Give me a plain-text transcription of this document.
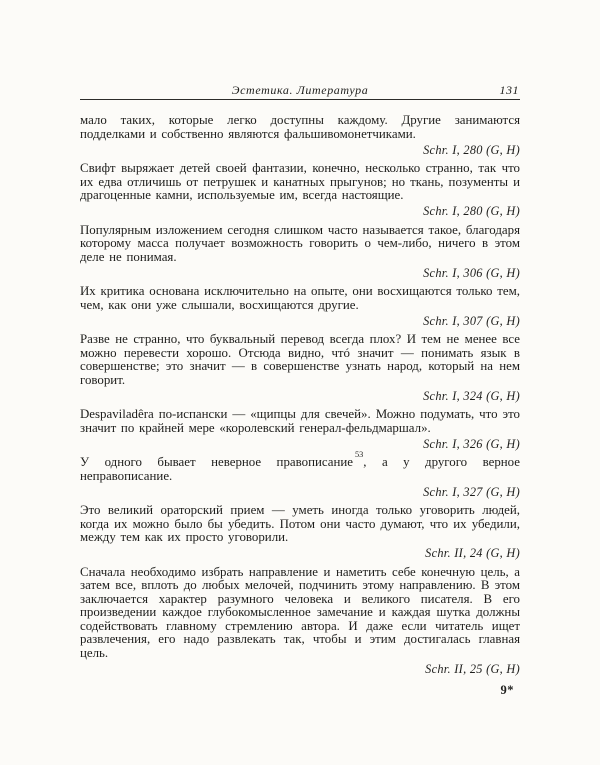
Эстетика. Литература	131

мало таких, которые легко доступны каждому. Другие занимаются подделками и собственно являются фальшивомонетчиками.

Schr. I, 280 (G, H)

Свифт выряжает детей своей фантазии, конечно, несколько странно, так что их едва отличишь от петрушек и канатных прыгунов; но ткань, позументы и драгоценные камни, используемые им, всегда настоящие.

Schr. I, 280 (G, H)

Популярным изложением сегодня слишком часто называется такое, благодаря которому масса получает возможность говорить о чем-либо, ничего в этом деле не понимая.

Schr. I, 306 (G, H)

Их критика основана исключительно на опыте, они восхищаются только тем, чем, как они уже слышали, восхищаются другие.

Schr. I, 307 (G, H)

Разве не странно, что буквальный перевод всегда плох? И тем не менее все можно перевести хорошо. Отсюда видно, чтó значит — понимать язык в совершенстве; это значит — в совершенстве узнать народ, который на нем говорит.

Schr. I, 324 (G, H)

Despaviladêra по-испански — «щипцы для свечей». Можно подумать, что это значит по крайней мере «королевский генерал-фельдмаршал».

Schr. I, 326 (G, H)

У одного бывает неверное правописание$^{53}$, а у другого верное неправописание.

Schr. I, 327 (G, H)

Это великий ораторский прием — уметь иногда только уговорить людей, когда их можно было бы убедить. Потом они часто думают, что их убедили, между тем как их просто уговорили.

Schr. II, 24 (G, H)

Сначала необходимо избрать направление и наметить себе конечную цель, а затем все, вплоть до любых мелочей, подчинить этому направлению. В этом заключается характер разумного человека и великого писателя. В его произведении каждое глубокомысленное замечание и каждая шутка должны содействовать главному стремлению автора. И даже если читатель ищет развлечения, его надо развлекать так, чтобы и этим достигалась главная цель.

Schr. II, 25 (G, H)

9*
